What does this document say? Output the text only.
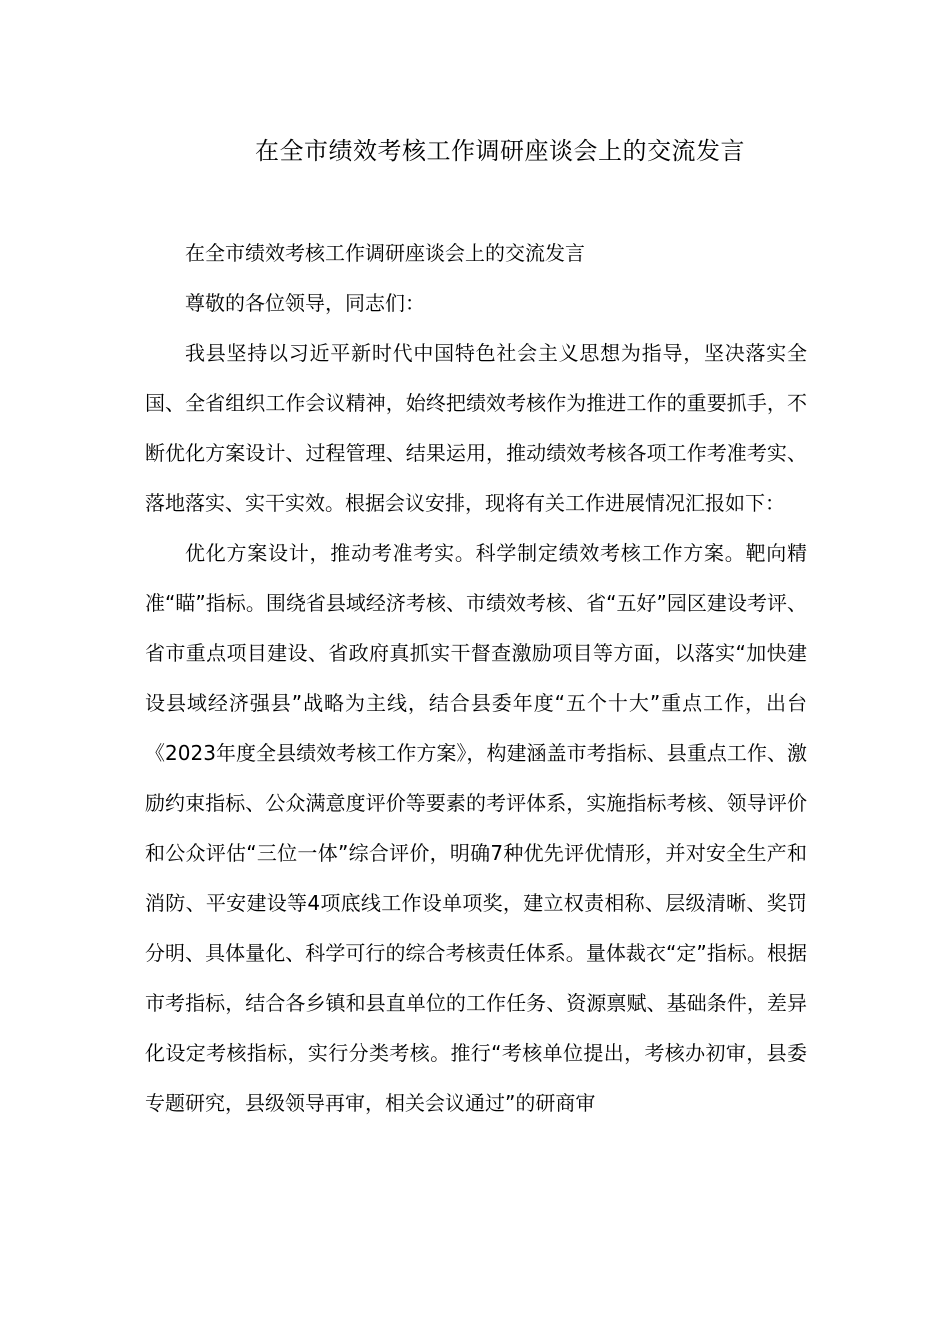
在全市绩效考核工作调研座谈会上的交流发言

在全市绩效考核工作调研座谈会上的交流发言

尊敬的各位领导，同志们：

我县坚持以习近平新时代中国特色社会主义思想为指导，坚决落实全国、全省组织工作会议精神，始终把绩效考核作为推进工作的重要抓手，不断优化方案设计、过程管理、结果运用，推动绩效考核各项工作考准考实、落地落实、实干实效。根据会议安排，现将有关工作进展情况汇报如下：

优化方案设计，推动考准考实。科学制定绩效考核工作方案。靶向精准“瞄”指标。围绕省县域经济考核、市绩效考核、省“五好”园区建设考评、省市重点项目建设、省政府真抓实干督查激励项目等方面，以落实“加快建设县域经济强县”战略为主线，结合县委年度“五个十大”重点工作，出台《2023年度全县绩效考核工作方案》，构建涵盖市考指标、县重点工作、激励约束指标、公众满意度评价等要素的考评体系，实施指标考核、领导评价和公众评估“三位一体”综合评价，明确7种优先评优情形，并对安全生产和消防、平安建设等4项底线工作设单项奖，建立权责相称、层级清晰、奖罚分明、具体量化、科学可行的综合考核责任体系。量体裁衣“定”指标。根据市考指标，结合各乡镇和县直单位的工作任务、资源禀赋、基础条件，差异化设定考核指标，实行分类考核。推行“考核单位提出，考核办初审，县委专题研究，县级领导再审，相关会议通过”的研商审
